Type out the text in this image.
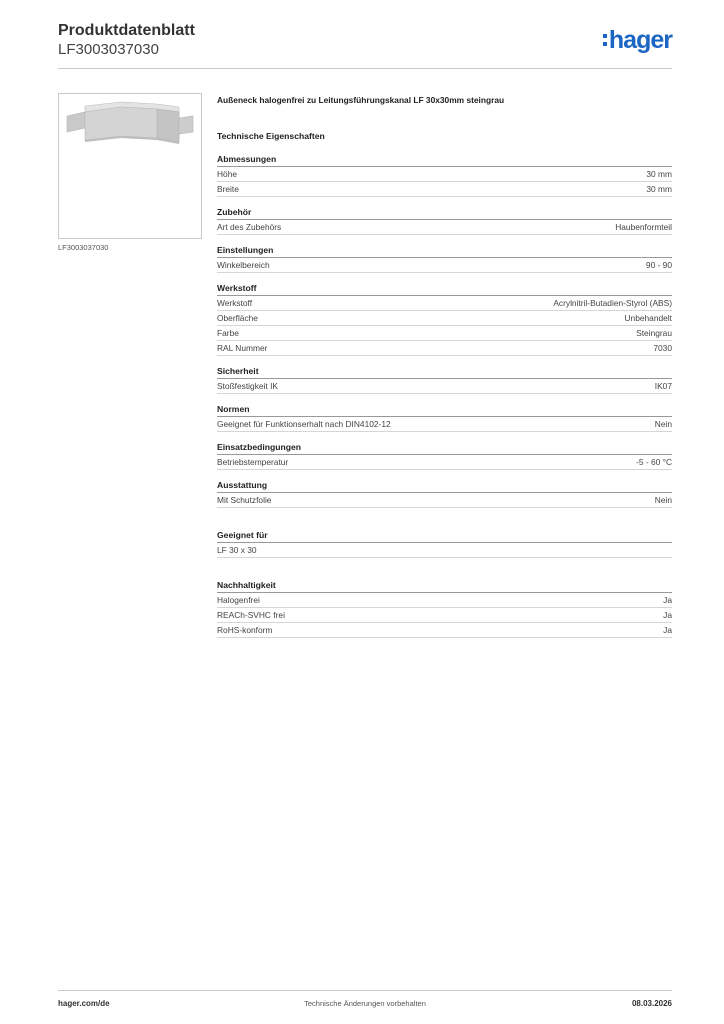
Produktdatenblatt
LF3003037030	hager
LF3003037030
Außeneck halogenfrei zu Leitungsführungskanal LF 30x30mm steingrau
Technische Eigenschaften
Abmessungen
Höhe	30 mm
Breite	30 mm
Zubehör
Art des Zubehörs	Haubenformteil
Einstellungen
Winkelbereich	90 - 90
Werkstoff
Werkstoff	Acrylnitril-Butadien-Styrol (ABS)
Oberfläche	Unbehandelt
Farbe	Steingrau
RAL Nummer	7030
Sicherheit
Stoßfestigkeit IK	IK07
Normen
Geeignet für Funktionserhalt nach DIN4102-12	Nein
Einsatzbedingungen
Betriebstemperatur	-5 - 60 °C
Ausstattung
Mit Schutzfolie	Nein
Geeignet für
LF 30 x 30
Nachhaltigkeit
Halogenfrei	Ja
REACh-SVHC frei	Ja
RoHS-konform	Ja
hager.com/de	Technische Änderungen vorbehalten	08.03.2026
